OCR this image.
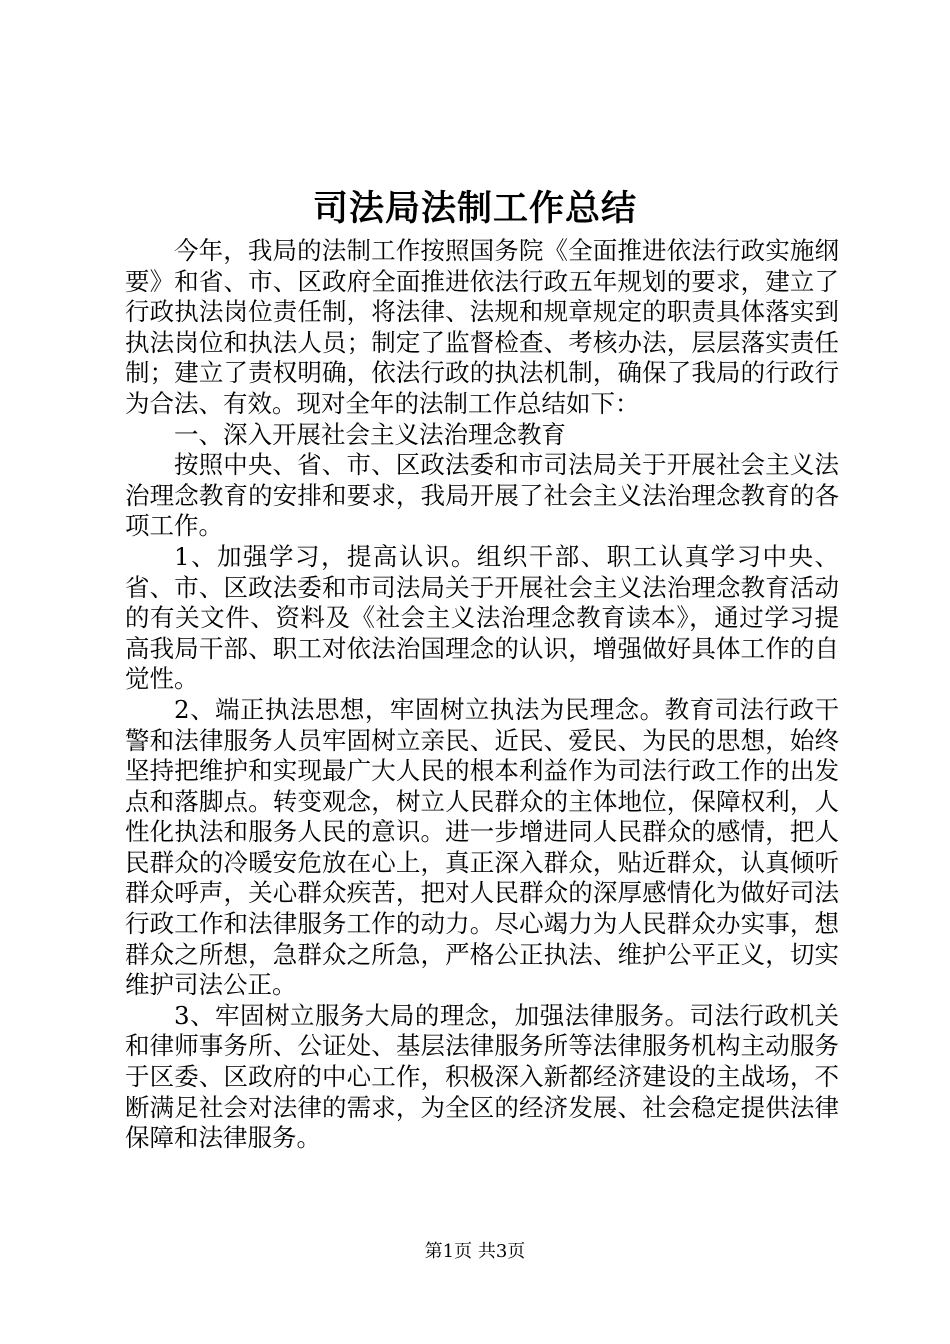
司法局法制工作总结

今年，我局的法制工作按照国务院《全面推进依法行政实施纲要》和省、市、区政府全面推进依法行政五年规划的要求，建立了行政执法岗位责任制，将法律、法规和规章规定的职责具体落实到执法岗位和执法人员；制定了监督检查、考核办法，层层落实责任制；建立了责权明确，依法行政的执法机制，确保了我局的行政行为合法、有效。现对全年的法制工作总结如下：

一、深入开展社会主义法治理念教育

按照中央、省、市、区政法委和市司法局关于开展社会主义法治理念教育的安排和要求，我局开展了社会主义法治理念教育的各项工作。

1、加强学习，提高认识。组织干部、职工认真学习中央、省、市、区政法委和市司法局关于开展社会主义法治理念教育活动的有关文件、资料及《社会主义法治理念教育读本》，通过学习提高我局干部、职工对依法治国理念的认识，增强做好具体工作的自觉性。

2、端正执法思想，牢固树立执法为民理念。教育司法行政干警和法律服务人员牢固树立亲民、近民、爱民、为民的思想，始终坚持把维护和实现最广大人民的根本利益作为司法行政工作的出发点和落脚点。转变观念，树立人民群众的主体地位，保障权利，人性化执法和服务人民的意识。进一步增进同人民群众的感情，把人民群众的冷暖安危放在心上，真正深入群众，贴近群众，认真倾听群众呼声，关心群众疾苦，把对人民群众的深厚感情化为做好司法行政工作和法律服务工作的动力。尽心竭力为人民群众办实事，想群众之所想，急群众之所急，严格公正执法、维护公平正义，切实维护司法公正。

3、牢固树立服务大局的理念，加强法律服务。司法行政机关和律师事务所、公证处、基层法律服务所等法律服务机构主动服务于区委、区政府的中心工作，积极深入新都经济建设的主战场，不断满足社会对法律的需求，为全区的经济发展、社会稳定提供法律保障和法律服务。

第1页 共3页
